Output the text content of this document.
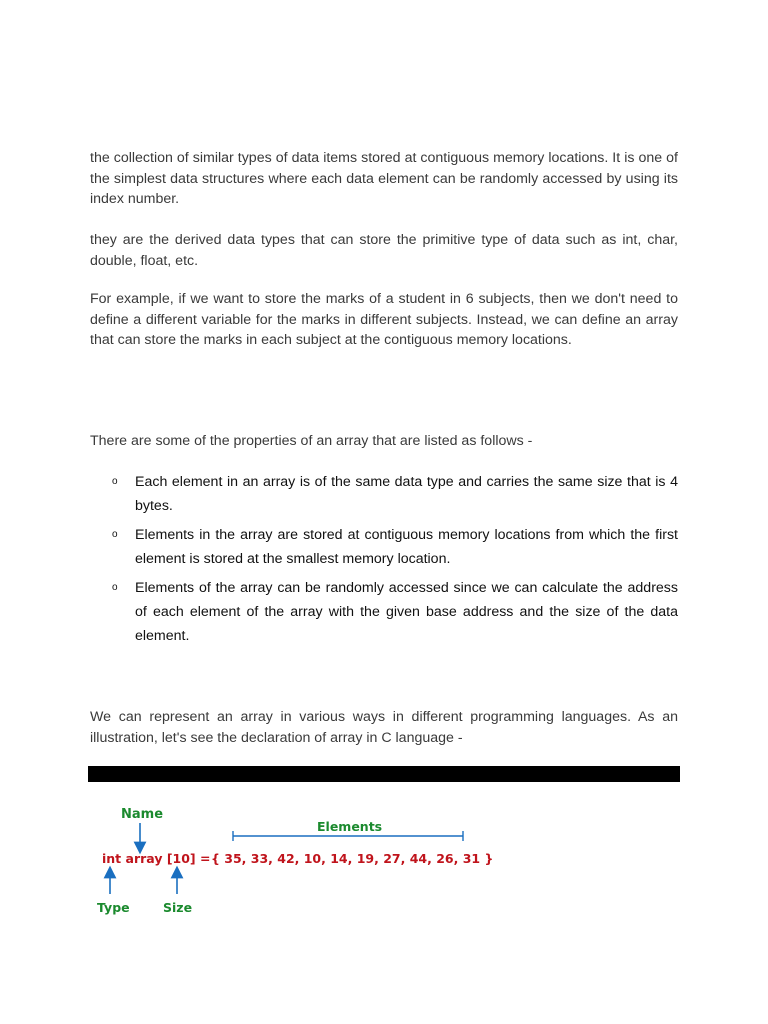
the collection of similar types of data items stored at contiguous memory locations. It is one of the simplest data structures where each data element can be randomly accessed by using its index number.

they are the derived data types that can store the primitive type of data such as int, char, double, float, etc.

For example, if we want to store the marks of a student in 6 subjects, then we don't need to define a different variable for the marks in different subjects. Instead, we can define an array that can store the marks in each subject at the contiguous memory locations.

There are some of the properties of an array that are listed as follows -

o Each element in an array is of the same data type and carries the same size that is 4 bytes.
o Elements in the array are stored at contiguous memory locations from which the first element is stored at the smallest memory location.
o Elements of the array can be randomly accessed since we can calculate the address of each element of the array with the given base address and the size of the data element.

We can represent an array in various ways in different programming languages. As an illustration, let's see the declaration of array in C language -

Name
Elements
int array [10] = { 35, 33, 42, 10, 14, 19, 27, 44, 26, 31 }
Type	Size
